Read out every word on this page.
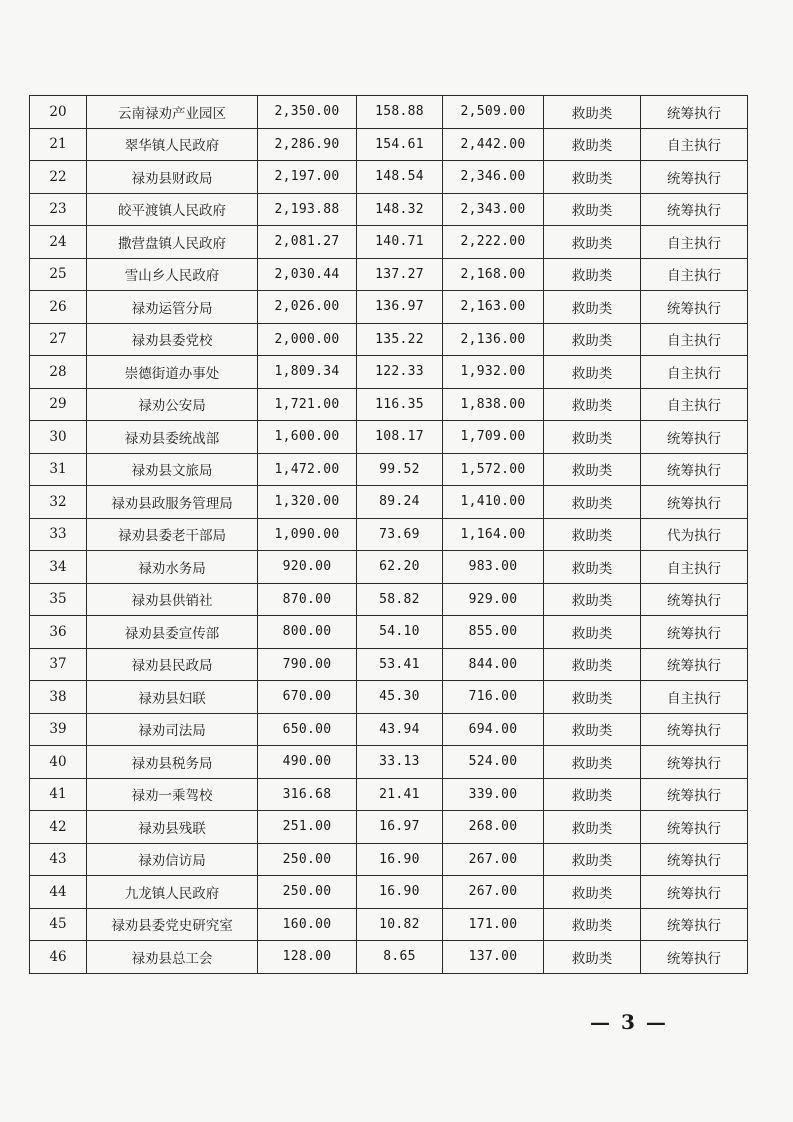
20	云南禄劝产业园区	2,350.00	158.88	2,509.00	救助类	统筹执行
21	翠华镇人民政府	2,286.90	154.61	2,442.00	救助类	自主执行
22	禄劝县财政局	2,197.00	148.54	2,346.00	救助类	统筹执行
23	皎平渡镇人民政府	2,193.88	148.32	2,343.00	救助类	统筹执行
24	撒营盘镇人民政府	2,081.27	140.71	2,222.00	救助类	自主执行
25	雪山乡人民政府	2,030.44	137.27	2,168.00	救助类	自主执行
26	禄劝运管分局	2,026.00	136.97	2,163.00	救助类	统筹执行
27	禄劝县委党校	2,000.00	135.22	2,136.00	救助类	自主执行
28	崇德街道办事处	1,809.34	122.33	1,932.00	救助类	自主执行
29	禄劝公安局	1,721.00	116.35	1,838.00	救助类	自主执行
30	禄劝县委统战部	1,600.00	108.17	1,709.00	救助类	统筹执行
31	禄劝县文旅局	1,472.00	99.52	1,572.00	救助类	统筹执行
32	禄劝县政服务管理局	1,320.00	89.24	1,410.00	救助类	统筹执行
33	禄劝县委老干部局	1,090.00	73.69	1,164.00	救助类	代为执行
34	禄劝水务局	920.00	62.20	983.00	救助类	自主执行
35	禄劝县供销社	870.00	58.82	929.00	救助类	统筹执行
36	禄劝县委宣传部	800.00	54.10	855.00	救助类	统筹执行
37	禄劝县民政局	790.00	53.41	844.00	救助类	统筹执行
38	禄劝县妇联	670.00	45.30	716.00	救助类	自主执行
39	禄劝司法局	650.00	43.94	694.00	救助类	统筹执行
40	禄劝县税务局	490.00	33.13	524.00	救助类	统筹执行
41	禄劝一乘驾校	316.68	21.41	339.00	救助类	统筹执行
42	禄劝县残联	251.00	16.97	268.00	救助类	统筹执行
43	禄劝信访局	250.00	16.90	267.00	救助类	统筹执行
44	九龙镇人民政府	250.00	16.90	267.00	救助类	统筹执行
45	禄劝县委党史研究室	160.00	10.82	171.00	救助类	统筹执行
46	禄劝县总工会	128.00	8.65	137.00	救助类	统筹执行
— 3 —
